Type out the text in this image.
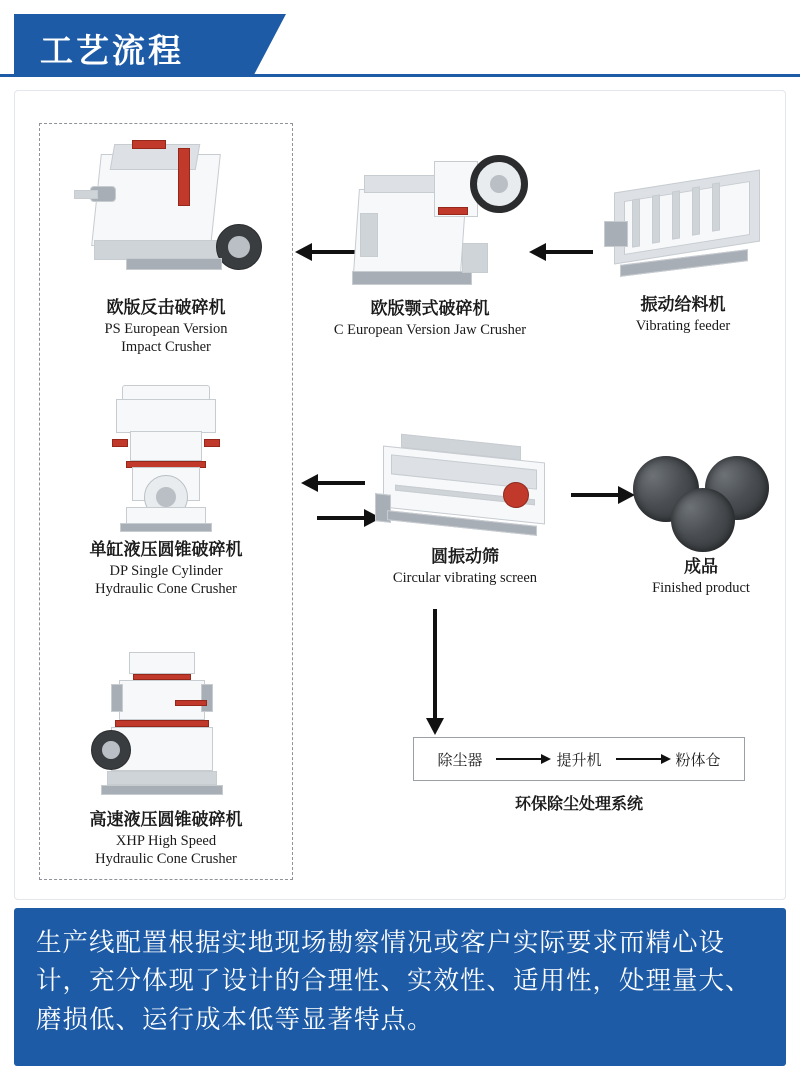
工艺流程
欧版反击破碎机
PS European Version
Impact Crusher
单缸液压圆锥破碎机
DP Single Cylinder
Hydraulic Cone Crusher
高速液压圆锥破碎机
XHP High Speed
Hydraulic Cone Crusher
欧版颚式破碎机
C European Version Jaw Crusher
振动给料机
Vibrating feeder
圆振动筛
Circular vibrating screen
成品
Finished product
除尘器	提升机	粉体仓
环保除尘处理系统
生产线配置根据实地现场勘察情况或客户实际要求而精心设计，充分体现了设计的合理性、实效性、适用性，处理量大、磨损低、运行成本低等显著特点。
